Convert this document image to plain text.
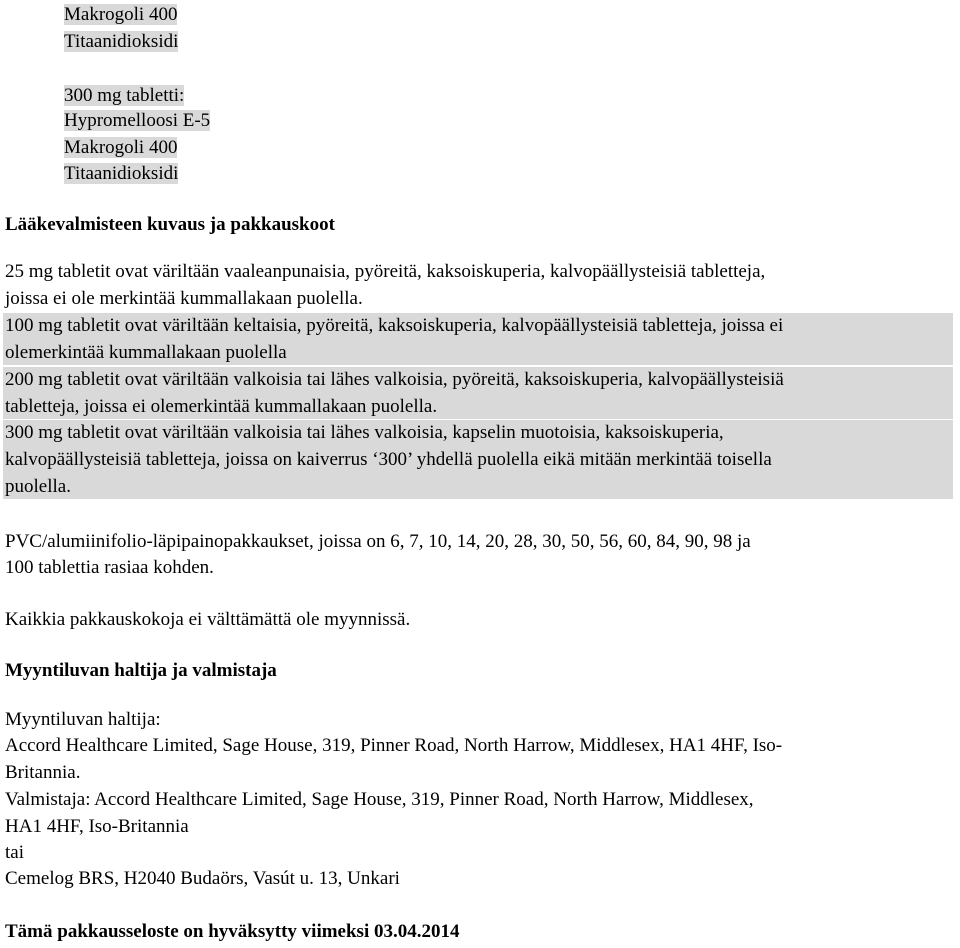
Makrogoli 400
Titaanidioksidi
300 mg tabletti:
Hypromelloosi E-5
Makrogoli 400
Titaanidioksidi
Lääkevalmisteen kuvaus ja pakkauskoot
25 mg tabletit ovat väriltään vaaleanpunaisia, pyöreitä, kaksoiskuperia, kalvopäällysteisiä tabletteja,
joissa ei ole merkintää kummallakaan puolella.
100 mg tabletit ovat väriltään keltaisia, pyöreitä, kaksoiskuperia, kalvopäällysteisiä tabletteja, joissa ei
olemerkintää kummallakaan puolella
200 mg tabletit ovat väriltään valkoisia tai lähes valkoisia, pyöreitä, kaksoiskuperia, kalvopäällysteisiä
tabletteja, joissa ei olemerkintää kummallakaan puolella.
300 mg tabletit ovat väriltään valkoisia tai lähes valkoisia, kapselin muotoisia, kaksoiskuperia,
kalvopäällysteisiä tabletteja, joissa on kaiverrus ‘300’ yhdellä puolella eikä mitään merkintää toisella
puolella.
PVC/alumiinifolio-läpipainopakkaukset, joissa on 6, 7, 10, 14, 20, 28, 30, 50, 56, 60, 84, 90, 98 ja
100 tablettia rasiaa kohden.
Kaikkia pakkauskokoja ei välttämättä ole myynnissä.
Myyntiluvan haltija ja valmistaja
Myyntiluvan haltija:
Accord Healthcare Limited, Sage House, 319, Pinner Road, North Harrow, Middlesex, HA1 4HF, Iso-
Britannia.
Valmistaja: Accord Healthcare Limited, Sage House, 319, Pinner Road, North Harrow, Middlesex,
HA1 4HF, Iso-Britannia
tai
Cemelog BRS, H2040 Budaörs, Vasút u. 13, Unkari
Tämä pakkausseloste on hyväksytty viimeksi 03.04.2014
